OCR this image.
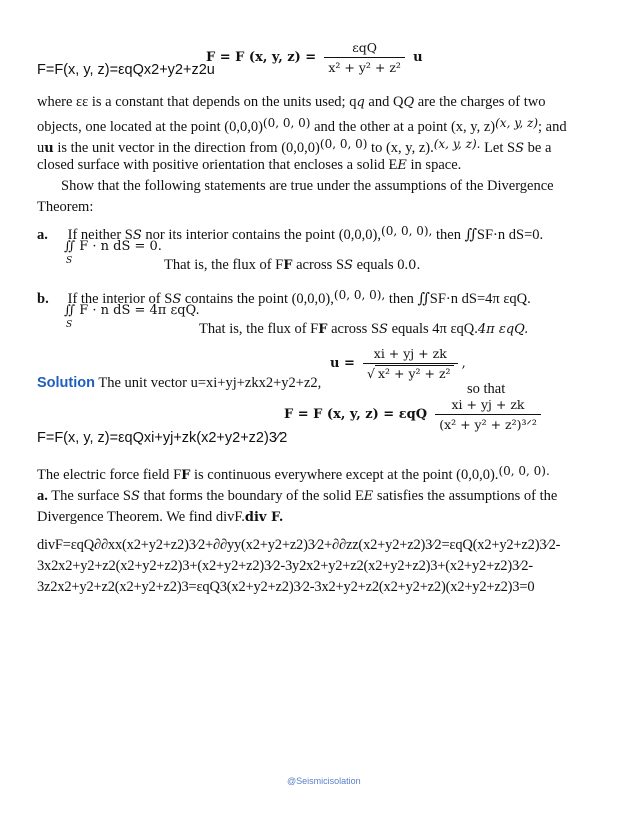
F = F (x, y, $z) = \frac{\text{εqQ}}{\text{x² + y² + z²}}$ u
F=F(x, y, z)=εqQx2+y2+z2u
where εε is a constant that depends on the units used; qq and QQ are the charges of two
objects, one located at the point $(0,0,0)^{(0, 0, 0)}$ and the other at a point (x, y, z)$^{(x, y, z)}$; and
uu is the unit vector in the direction from $(0,0,0)^{(0, 0, 0)}$ to (x, y, z).$^{(x, y, z).}$ Let SS be a
closed surface with positive orientation that encloses a solid EE in space.
Show that the following statements are true under the assumptions of the Divergence
Theorem:
a. If neither SS nor its interior contains the point (0,0,0),$^{(0, 0, 0),}$ then ∬SF·n dS=0.
∬ F · n dS = 0.
S	That is, the flux of FF across SS equals 0.0.
b. If the interior of SS contains the point (0,0,0),$^{(0, 0, 0),}$ then ∬SF·n dS=4π εqQ.
∬ F · n dS = 4π εqQ.
S	That is, the flux of FF across SS equals 4π εqQ.4π εqQ.
$u = \frac{xi + yj + zk}{\text{√ x² + y² + z²}}$ ,
Solution The unit vector u=xi+yj+zkx2+y2+z2,	so that
F = F (x, y, z) = εqQ $\frac{xi + yj + zk}{\text{(x² + y² + z²)³ᐟ²}}$
F=F(x, y, z)=εqQxi+yj+zk(x2+y2+z2)3⁄2
The electric force field FF is continuous everywhere except at the point (0,0,0).$^{(0, 0, 0).}$
a. The surface SS that forms the boundary of the solid EE satisfies the assumptions of the
Divergence Theorem. We find divF.div F.
divF=εqQ∂∂xx(x2+y2+z2)3⁄2+∂∂yy(x2+y2+z2)3⁄2+∂∂zz(x2+y2+z2)3⁄2=εqQ(x2+y2+z2)3⁄2-
3x2x2+y2+z2(x2+y2+z2)3+(x2+y2+z2)3⁄2-3y2x2+y2+z2(x2+y2+z2)3+(x2+y2+z2)3⁄2-
3z2x2+y2+z2(x2+y2+z2)3=εqQ3(x2+y2+z2)3⁄2-3x2+y2+z2(x2+y2+z2)(x2+y2+z2)3=0
@Seismicisolation
